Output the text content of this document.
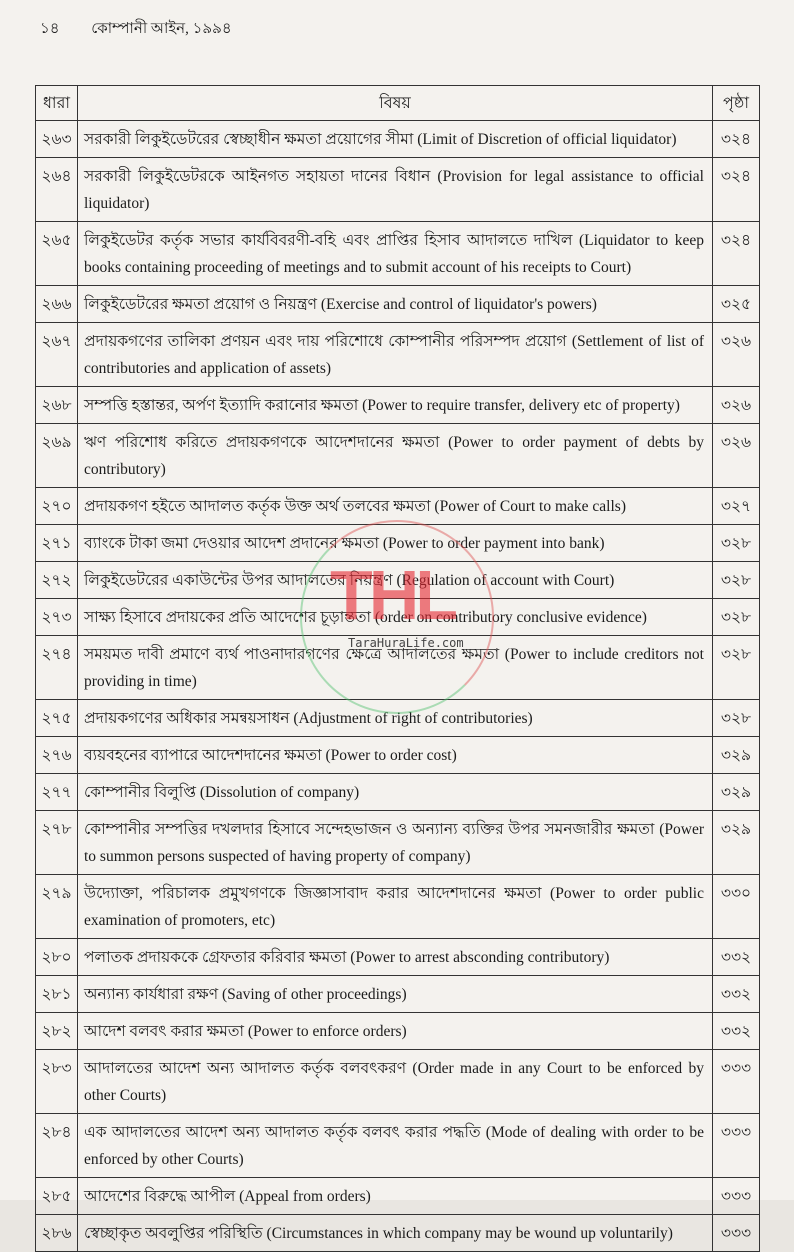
১৪ কোম্পানী আইন, ১৯৯৪
ধারা	বিষয়	পৃষ্ঠা
২৬৩	সরকারী লিকুইডেটরের স্বেচ্ছাধীন ক্ষমতা প্রয়োগের সীমা (Limit of Discretion of official liquidator)	৩২৪
২৬৪	সরকারী লিকুইডেটরকে আইনগত সহায়তা দানের বিধান (Provision for legal assistance to official liquidator)	৩২৪
২৬৫	লিকুইডেটর কর্তৃক সভার কার্যবিবরণী-বহি এবং প্রাপ্তির হিসাব আদালতে দাখিল (Liquidator to keep books containing proceeding of meetings and to submit account of his receipts to Court)	৩২৪
২৬৬	লিকুইডেটরের ক্ষমতা প্রয়োগ ও নিয়ন্ত্রণ (Exercise and control of liquidator's powers)	৩২৫
২৬৭	প্রদায়কগণের তালিকা প্রণয়ন এবং দায় পরিশোধে কোম্পানীর পরিসম্পদ প্রয়োগ (Settlement of list of contributories and application of assets)	৩২৬
২৬৮	সম্পত্তি হস্তান্তর, অর্পণ ইত্যাদি করানোর ক্ষমতা (Power to require transfer, delivery etc of property)	৩২৬
২৬৯	ঋণ পরিশোধ করিতে প্রদায়কগণকে আদেশদানের ক্ষমতা (Power to order payment of debts by contributory)	৩২৬
২৭০	প্রদায়কগণ হইতে আদালত কর্তৃক উক্ত অর্থ তলবের ক্ষমতা (Power of Court to make calls)	৩২৭
২৭১	ব্যাংকে টাকা জমা দেওয়ার আদেশ প্রদানের ক্ষমতা (Power to order payment into bank)	৩২৮
২৭২	লিকুইডেটরের একাউন্টের উপর আদালতের নিয়ন্ত্রণ (Regulation of account with Court)	৩২৮
২৭৩	সাক্ষ্য হিসাবে প্রদায়কের প্রতি আদেশের চূড়ান্ততা (order on contributory conclusive evidence)	৩২৮
২৭৪	সময়মত দাবী প্রমাণে ব্যর্থ পাওনাদারগণের ক্ষেত্রে আদালতের ক্ষমতা (Power to include creditors not providing in time)	৩২৮
২৭৫	প্রদায়কগণের অধিকার সমন্বয়সাধন (Adjustment of right of contributories)	৩২৮
২৭৬	ব্যয়বহনের ব্যাপারে আদেশদানের ক্ষমতা (Power to order cost)	৩২৯
২৭৭	কোম্পানীর বিলুপ্তি (Dissolution of company)	৩২৯
২৭৮	কোম্পানীর সম্পত্তির দখলদার হিসাবে সন্দেহভাজন ও অন্যান্য ব্যক্তির উপর সমনজারীর ক্ষমতা (Power to summon persons suspected of having property of company)	৩২৯
২৭৯	উদ্যোক্তা, পরিচালক প্রমুখগণকে জিজ্ঞাসাবাদ করার আদেশদানের ক্ষমতা (Power to order public examination of promoters, etc)	৩৩০
২৮০	পলাতক প্রদায়ককে গ্রেফতার করিবার ক্ষমতা (Power to arrest absconding contributory)	৩৩২
২৮১	অন্যান্য কার্যধারা রক্ষণ (Saving of other proceedings)	৩৩২
২৮২	আদেশ বলবৎ করার ক্ষমতা (Power to enforce orders)	৩৩২
২৮৩	আদালতের আদেশ অন্য আদালত কর্তৃক বলবৎকরণ (Order made in any Court to be enforced by other Courts)	৩৩৩
২৮৪	এক আদালতের আদেশ অন্য আদালত কর্তৃক বলবৎ করার পদ্ধতি (Mode of dealing with order to be enforced by other Courts)	৩৩৩
২৮৫	আদেশের বিরুদ্ধে আপীল (Appeal from orders)	৩৩৩
২৮৬	স্বেচ্ছাকৃত অবলুপ্তির পরিস্থিতি (Circumstances in which company may be wound up voluntarily)	৩৩৩
THL
TaraHuraLife.com
